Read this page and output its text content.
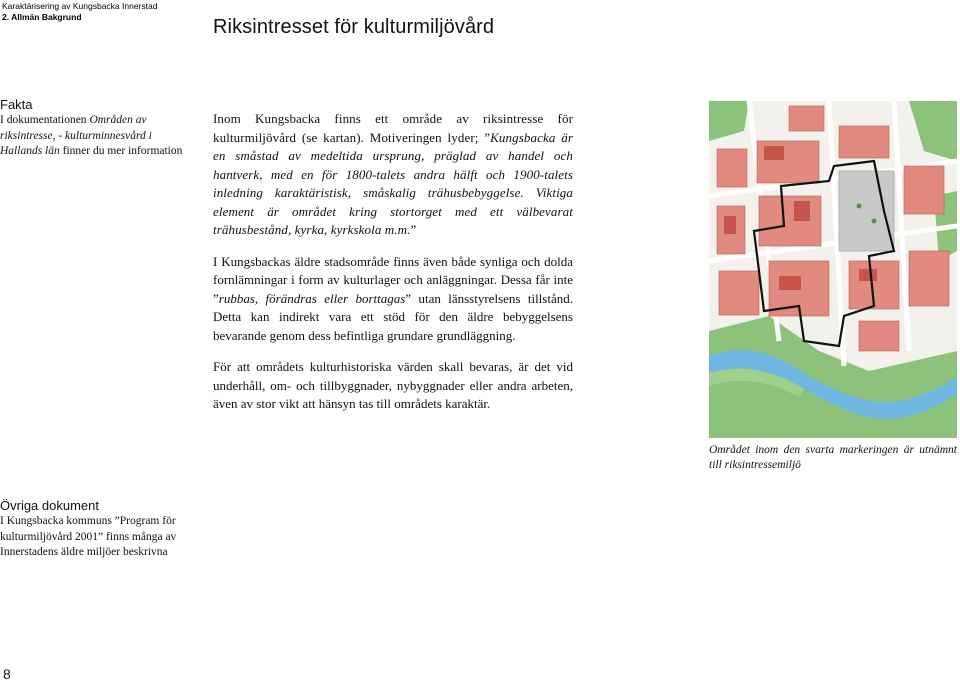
Karaktärisering av Kungsbacka Innerstad
2. Allmän Bakgrund	Riksintresset för kulturmiljövård
Fakta
I dokumentationen Områden av riksintresse, - kulturminnesvård i Hallands län finner du mer information

Inom Kungsbacka finns ett område av riksintresse för kulturmiljövård (se kartan). Motiveringen lyder; ”Kungsbacka är en småstad av medeltida ursprung, präglad av handel och hantverk, med en för 1800-talets andra hälft och 1900-talets inledning karaktäristisk, småskalig trähusbebyggelse. Viktiga element är området kring stortorget med ett välbevarat trähusbestånd, kyrka, kyrkskola m.m.”

I Kungsbackas äldre stadsområde finns även både synliga och dolda fornlämningar i form av kulturlager och anläggningar. Dessa får inte ”rubbas, förändras eller borttagas” utan länsstyrelsens tillstånd. Detta kan indirekt vara ett stöd för den äldre bebyggelsens bevarande genom dess befintliga grundare grundläggning.

För att områdets kulturhistoriska värden skall bevaras, är det vid underhåll, om- och tillbyggnader, nybyggnader eller andra arbeten, även av stor vikt att hänsyn tas till områdets karaktär.

Området inom den svarta markeringen är utnämnt till riksintressemiljö
Övriga dokument
I Kungsbacka kommuns ”Program för kulturmiljövård 2001” finns många av Innerstadens äldre miljöer beskrivna
8
